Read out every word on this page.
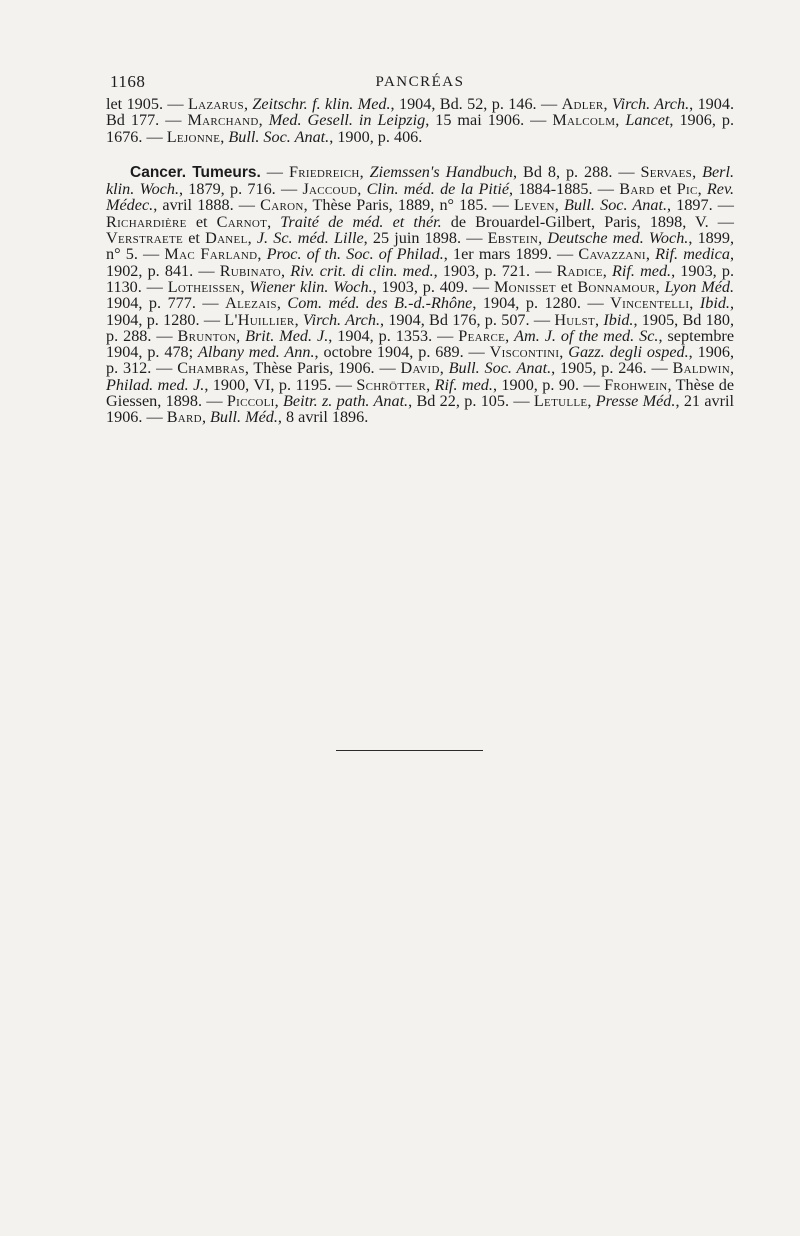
1168	PANCRÉAS

let 1905. — Lazarus, Zeitschr. f. klin. Med., 1904, Bd. 52, p. 146. — Adler, Virch. Arch., 1904. Bd 177. — Marchand, Med. Gesell. in Leipzig, 15 mai 1906. — Malcolm, Lancet, 1906, p. 1676. — Lejonne, Bull. Soc. Anat., 1900, p. 406.

Cancer. Tumeurs. — Friedreich, Ziemssen's Handbuch, Bd 8, p. 288. — Servaes, Berl. klin. Woch., 1879, p. 716. — Jaccoud, Clin. méd. de la Pitié, 1884-1885. — Bard et Pic, Rev. Médec., avril 1888. — Caron, Thèse Paris, 1889, n° 185. — Leven, Bull. Soc. Anat., 1897. — Richardière et Carnot, Traité de méd. et thér. de Brouardel-Gilbert, Paris, 1898, V. — Verstraete et Danel, J. Sc. méd. Lille, 25 juin 1898. — Ebstein, Deutsche med. Woch., 1899, n° 5. — Mac Farland, Proc. of th. Soc. of Philad., 1er mars 1899. — Cavazzani, Rif. medica, 1902, p. 841. — Rubinato, Riv. crit. di clin. med., 1903, p. 721. — Radice, Rif. med., 1903, p. 1130. — Lotheissen, Wiener klin. Woch., 1903, p. 409. — Monisset et Bonnamour, Lyon Méd. 1904, p. 777. — Alezais, Com. méd. des B.-d.-Rhône, 1904, p. 1280. — Vincentelli, Ibid., 1904, p. 1280. — L'Huillier, Virch. Arch., 1904, Bd 176, p. 507. — Hulst, Ibid., 1905, Bd 180, p. 288. — Brunton, Brit. Med. J., 1904, p. 1353. — Pearce, Am. J. of the med. Sc., septembre 1904, p. 478; Albany med. Ann., octobre 1904, p. 689. — Viscontini, Gazz. degli osped., 1906, p. 312. — Chambras, Thèse Paris, 1906. — David, Bull. Soc. Anat., 1905, p. 246. — Baldwin, Philad. med. J., 1900, VI, p. 1195. — Schrötter, Rif. med., 1900, p. 90. — Frohwein, Thèse de Giessen, 1898. — Piccoli, Beitr. z. path. Anat., Bd 22, p. 105. — Letulle, Presse Méd., 21 avril 1906. — Bard, Bull. Méd., 8 avril 1896.
